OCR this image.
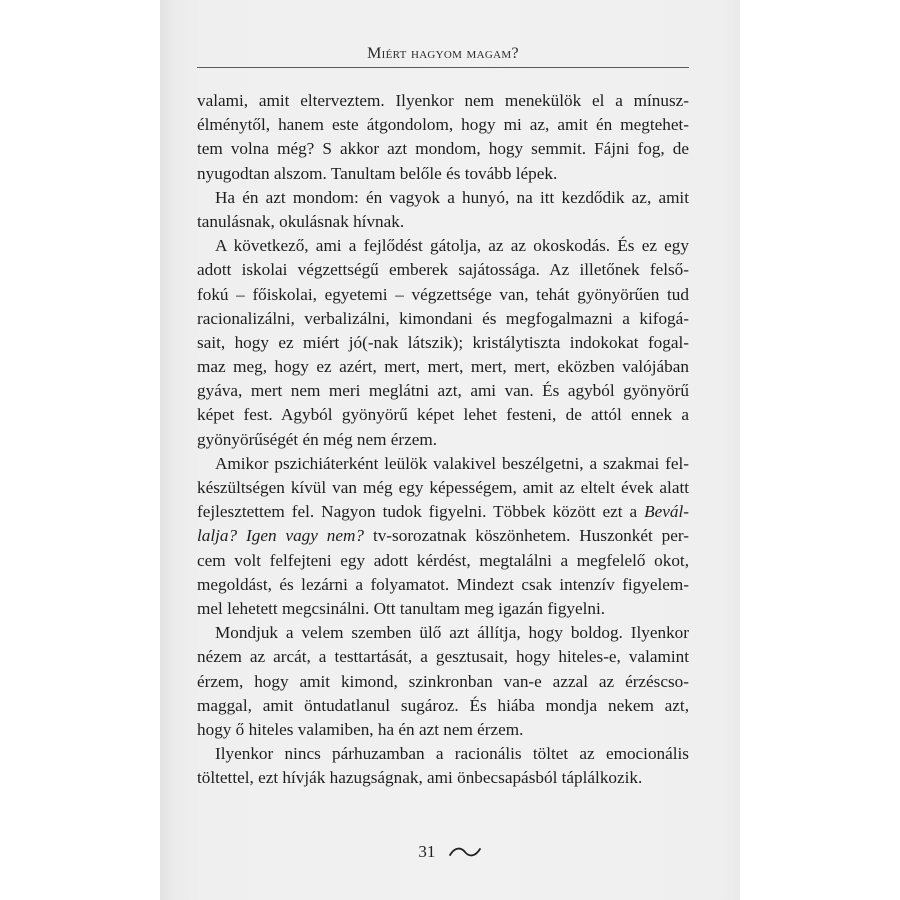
Miért hagyom magam?
valami, amit elterveztem. Ilyenkor nem menekülök el a mínusz-
élménytől, hanem este átgondolom, hogy mi az, amit én megtehet-
tem volna még? S akkor azt mondom, hogy semmit. Fájni fog, de
nyugodtan alszom. Tanultam belőle és tovább lépek.
Ha én azt mondom: én vagyok a hunyó, na itt kezdődik az, amit
tanulásnak, okulásnak hívnak.
A következő, ami a fejlődést gátolja, az az okoskodás. És ez egy
adott iskolai végzettségű emberek sajátossága. Az illetőnek felső-
fokú – főiskolai, egyetemi – végzettsége van, tehát gyönyörűen tud
racionalizálni, verbalizálni, kimondani és megfogalmazni a kifogá-
sait, hogy ez miért jó(-nak látszik); kristálytiszta indokokat fogal-
maz meg, hogy ez azért, mert, mert, mert, mert, eközben valójában
gyáva, mert nem meri meglátni azt, ami van. És agyból gyönyörű
képet fest. Agyból gyönyörű képet lehet festeni, de attól ennek a
gyönyörűségét én még nem érzem.
Amikor pszichiáterként leülök valakivel beszélgetni, a szakmai fel-
készültségen kívül van még egy képességem, amit az eltelt évek alatt
fejlesztettem fel. Nagyon tudok figyelni. Többek között ezt a Bevál-
lalja? Igen vagy nem? tv-sorozatnak köszönhetem. Huszonkét per-
cem volt felfejteni egy adott kérdést, megtalálni a megfelelő okot,
megoldást, és lezárni a folyamatot. Mindezt csak intenzív figyelem-
mel lehetett megcsinálni. Ott tanultam meg igazán figyelni.
Mondjuk a velem szemben ülő azt állítja, hogy boldog. Ilyenkor
nézem az arcát, a testtartását, a gesztusait, hogy hiteles-e, valamint
érzem, hogy amit kimond, szinkronban van-e azzal az érzéscso-
maggal, amit öntudatlanul sugároz. És hiába mondja nekem azt,
hogy ő hiteles valamiben, ha én azt nem érzem.
Ilyenkor nincs párhuzamban a racionális töltet az emocionális
töltettel, ezt hívják hazugságnak, ami önbecsapásból táplálkozik.
31
